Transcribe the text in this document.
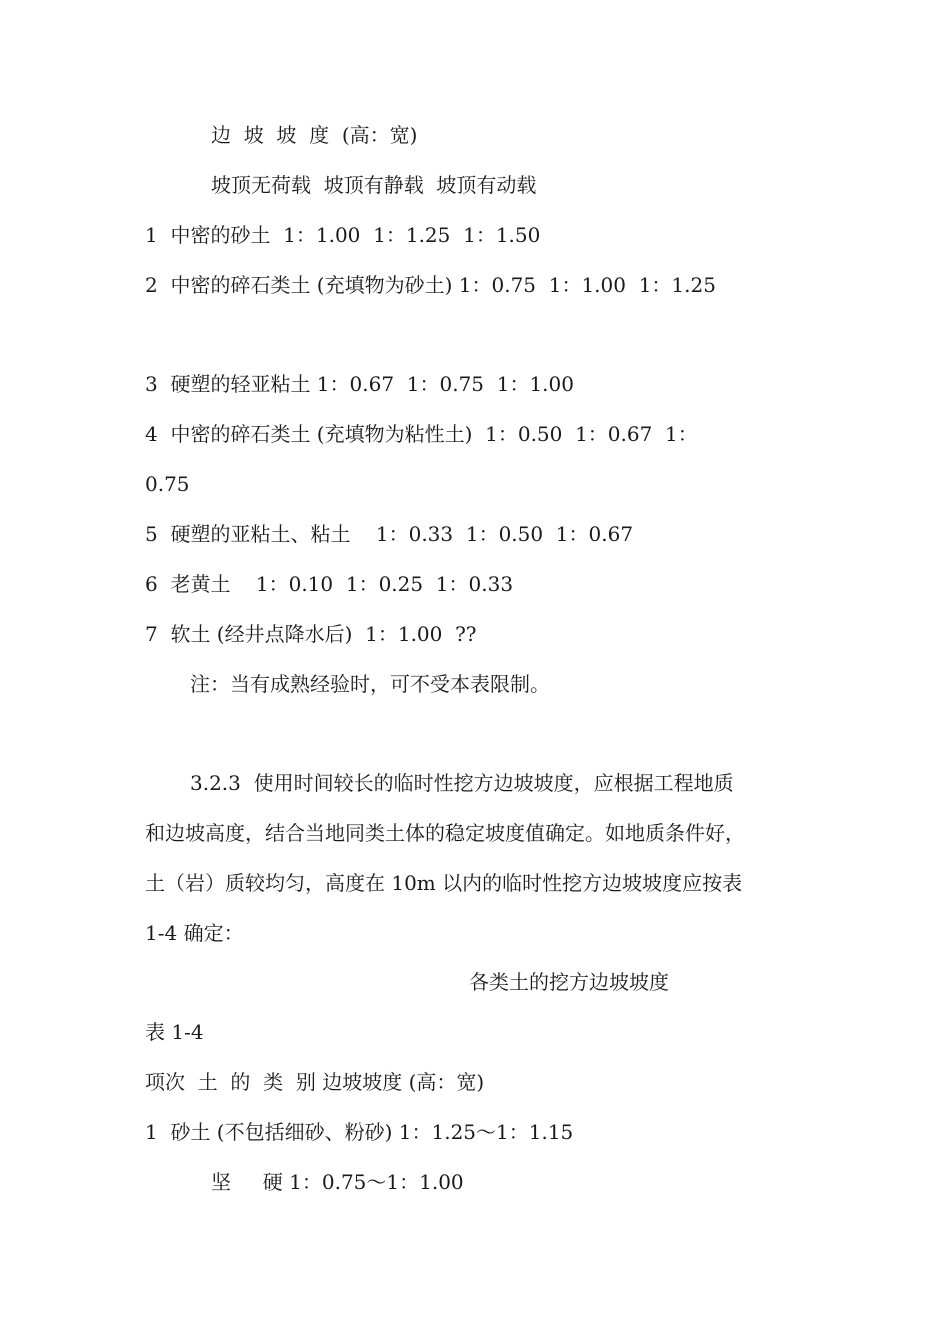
边  坡  坡  度  (高：宽)

坡顶无荷载  坡顶有静载  坡顶有动载

1  中密的砂土  1：1.00  1：1.25  1：1.50

2  中密的碎石类土 (充填物为砂土) 1：0.75  1：1.00  1：1.25

3  硬塑的轻亚粘土 1：0.67  1：0.75  1：1.00

4  中密的碎石类土 (充填物为粘性土)  1：0.50  1：0.67  1：

0.75

5  硬塑的亚粘土、粘土    1：0.33  1：0.50  1：0.67

6  老黄土    1：0.10  1：0.25  1：0.33

7  软土 (经井点降水后)  1：1.00  ??

注：当有成熟经验时，可不受本表限制。

3.2.3  使用时间较长的临时性挖方边坡坡度，应根据工程地质

和边坡高度，结合当地同类土体的稳定坡度值确定。如地质条件好，

土（岩）质较均匀，高度在 10m 以内的临时性挖方边坡坡度应按表

1-4 确定：

各类土的挖方边坡坡度

表 1-4

项次  土  的  类  别 边坡坡度 (高：宽)

1  砂土 (不包括细砂、粉砂) 1：1.25～1：1.15

坚     硬 1：0.75～1：1.00
